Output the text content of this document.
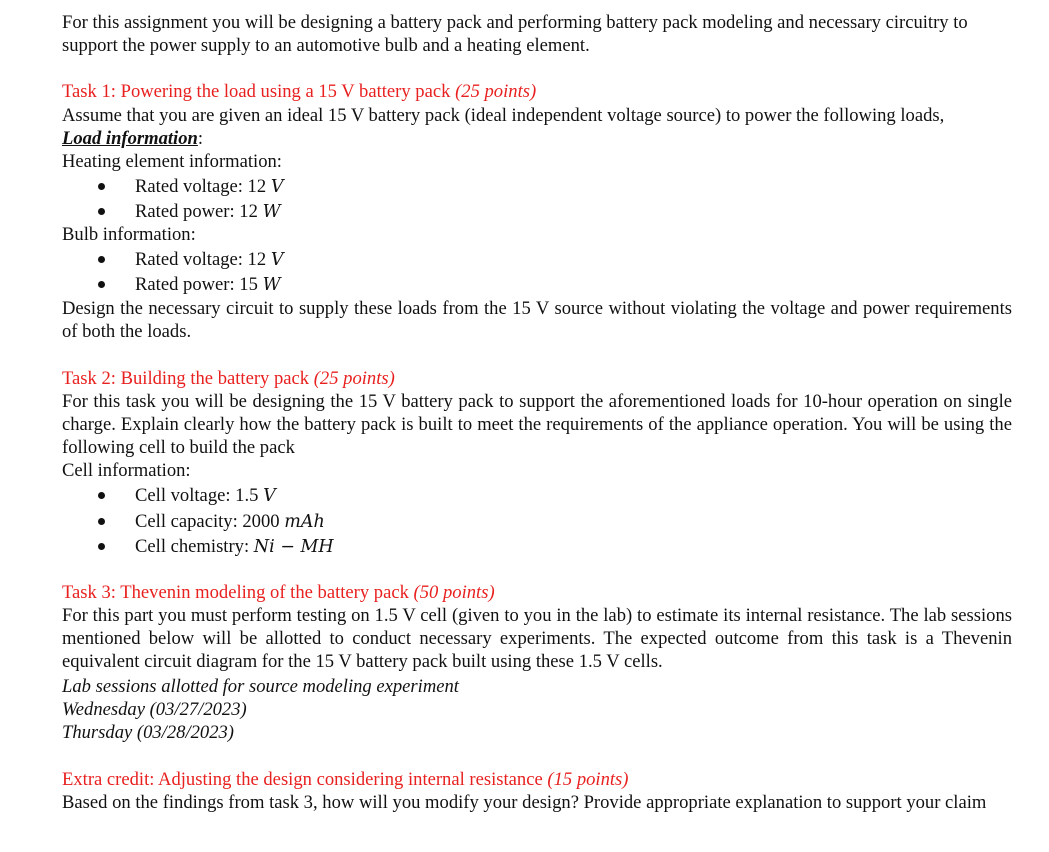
For this assignment you will be designing a battery pack and performing battery pack modeling and necessary circuitry to support the power supply to an automotive bulb and a heating element.

Task 1: Powering the load using a 15 V battery pack (25 points)

Assume that you are given an ideal 15 V battery pack (ideal independent voltage source) to power the following loads,

Load information:
Heating element information:
Rated voltage: 12 V
Rated power: 12 W
Bulb information:
Rated voltage: 12 V
Rated power: 15 W

Design the necessary circuit to supply these loads from the 15 V source without violating the voltage and power requirements of both the loads.

Task 2: Building the battery pack (25 points)

For this task you will be designing the 15 V battery pack to support the aforementioned loads for 10-hour operation on single charge. Explain clearly how the battery pack is built to meet the requirements of the appliance operation. You will be using the following cell to build the pack

Cell information:
Cell voltage: 1.5 V
Cell capacity: 2000 mAh
Cell chemistry: Ni − MH
Task 3: Thevenin modeling of the battery pack (50 points)

For this part you must perform testing on 1.5 V cell (given to you in the lab) to estimate its internal resistance. The lab sessions mentioned below will be allotted to conduct necessary experiments. The expected outcome from this task is a Thevenin equivalent circuit diagram for the 15 V battery pack built using these 1.5 V cells.

Lab sessions allotted for source modeling experiment
Wednesday (03/27/2023)
Thursday (03/28/2023)
Extra credit: Adjusting the design considering internal resistance (15 points)

Based on the findings from task 3, how will you modify your design? Provide appropriate explanation to support your claim
